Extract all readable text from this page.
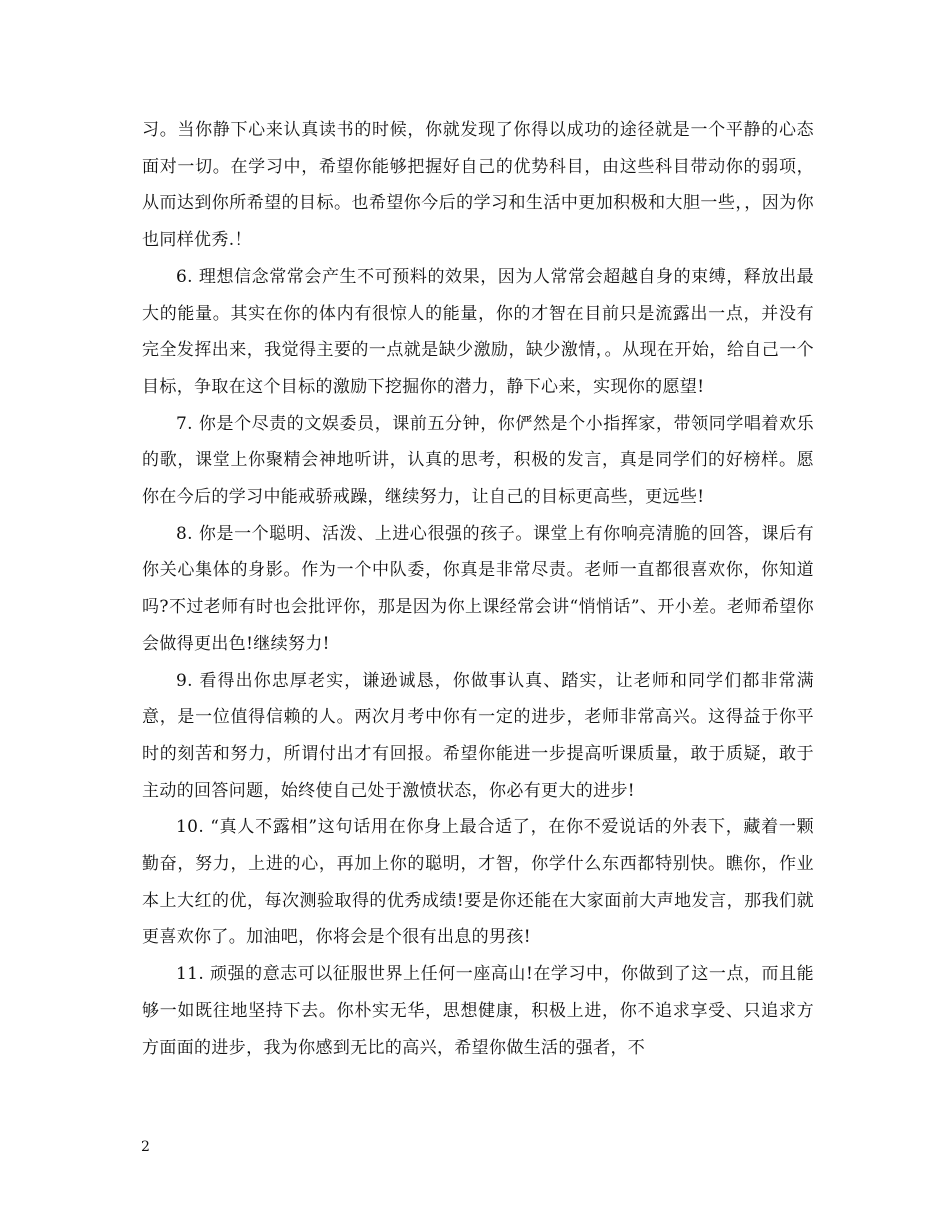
习。当你静下心来认真读书的时候，你就发现了你得以成功的途径就是一个平静的心态面对一切。在学习中，希望你能够把握好自己的优势科目，由这些科目带动你的弱项，从而达到你所希望的目标。也希望你今后的学习和生活中更加积极和大胆一些，，因为你也同样优秀.！

6. 理想信念常常会产生不可预料的效果，因为人常常会超越自身的束缚，释放出最大的能量。其实在你的体内有很惊人的能量，你的才智在目前只是流露出一点，并没有完全发挥出来，我觉得主要的一点就是缺少激励，缺少激情，。从现在开始，给自己一个目标，争取在这个目标的激励下挖掘你的潜力，静下心来，实现你的愿望!

7. 你是个尽责的文娱委员，课前五分钟，你俨然是个小指挥家，带领同学唱着欢乐的歌，课堂上你聚精会神地听讲，认真的思考，积极的发言，真是同学们的好榜样。愿你在今后的学习中能戒骄戒躁，继续努力，让自己的目标更高些，更远些!

8. 你是一个聪明、活泼、上进心很强的孩子。课堂上有你响亮清脆的回答，课后有你关心集体的身影。作为一个中队委，你真是非常尽责。老师一直都很喜欢你，你知道吗?不过老师有时也会批评你，那是因为你上课经常会讲“悄悄话”、开小差。老师希望你会做得更出色!继续努力!

9. 看得出你忠厚老实，谦逊诚恳，你做事认真、踏实，让老师和同学们都非常满意，是一位值得信赖的人。两次月考中你有一定的进步，老师非常高兴。这得益于你平时的刻苦和努力，所谓付出才有回报。希望你能进一步提高听课质量，敢于质疑，敢于主动的回答问题，始终使自己处于激愤状态，你必有更大的进步!

10. “真人不露相”这句话用在你身上最合适了，在你不爱说话的外表下，藏着一颗勤奋，努力，上进的心，再加上你的聪明，才智，你学什么东西都特别快。瞧你，作业本上大红的优，每次测验取得的优秀成绩!要是你还能在大家面前大声地发言，那我们就更喜欢你了。加油吧，你将会是个很有出息的男孩!

11. 顽强的意志可以征服世界上任何一座高山!在学习中，你做到了这一点，而且能够一如既往地坚持下去。你朴实无华，思想健康，积极上进，你不追求享受、只追求方方面面的进步，我为你感到无比的高兴，希望你做生活的强者，不

2
